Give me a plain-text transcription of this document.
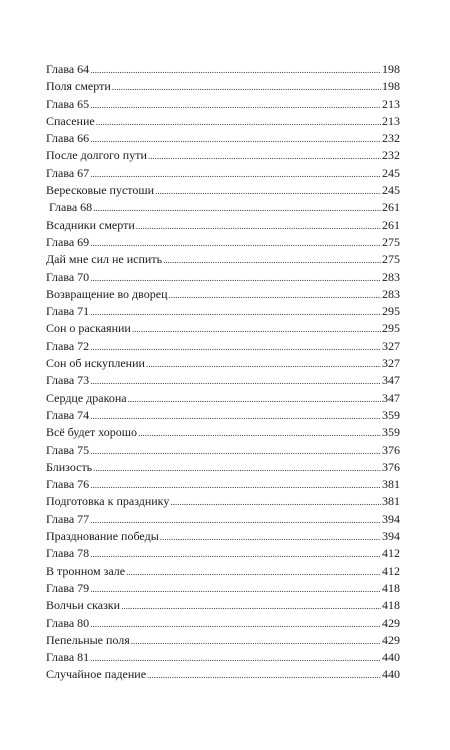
Глава 64 .....	198
Поля смерти .....	198
Глава 65 .....	213
Спасение .....	213
Глава 66 .....	232
После долгого пути .....	232
Глава 67 .....	245
Вересковые пустоши .....	245
Глава 68 .....	261
Всадники смерти .....	261
Глава 69 .....	275
Дай мне сил не испить .....	275
Глава 70 .....	283
Возвращение во дворец .....	283
Глава 71 .....	295
Сон о раскаянии .....	295
Глава 72 .....	327
Сон об искуплении .....	327
Глава 73 .....	347
Сердце дракона .....	347
Глава 74 .....	359
Всё будет хорошо .....	359
Глава 75 .....	376
Близость .....	376
Глава 76 .....	381
Подготовка к празднику .....	381
Глава 77 .....	394
Празднование победы .....	394
Глава 78 .....	412
В тронном зале .....	412
Глава 79 .....	418
Волчьи сказки .....	418
Глава 80 .....	429
Пепельные поля .....	429
Глава 81 .....	440
Случайное падение .....	440
